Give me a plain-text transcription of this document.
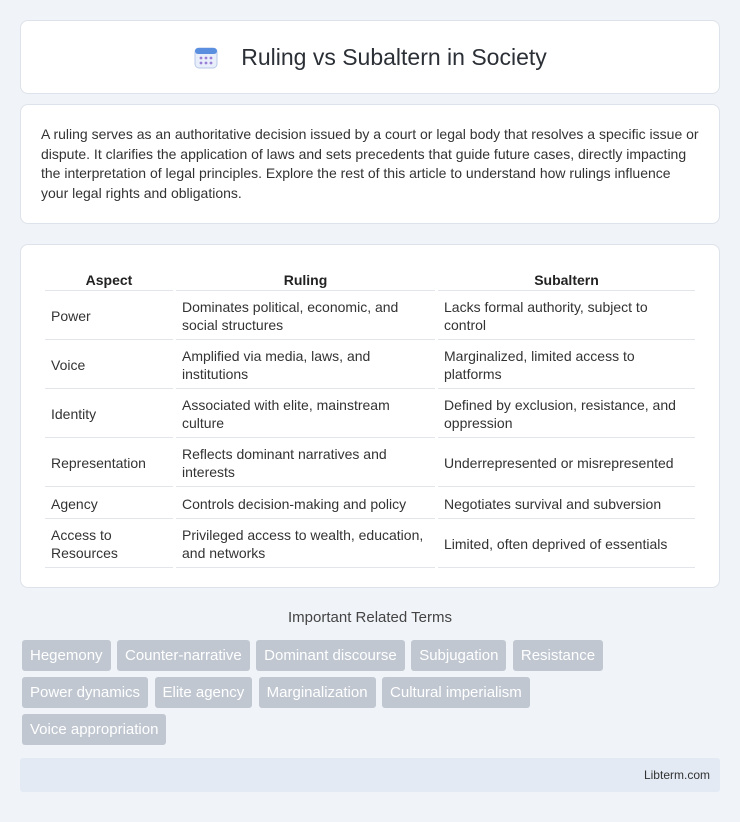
Ruling vs Subaltern in Society

A ruling serves as an authoritative decision issued by a court or legal body that resolves a specific issue or dispute. It clarifies the application of laws and sets precedents that guide future cases, directly impacting the interpretation of legal principles. Explore the rest of this article to understand how rulings influence your legal rights and obligations.

Aspect	Ruling	Subaltern
Power	Dominates political, economic, and social structures	Lacks formal authority, subject to control
Voice	Amplified via media, laws, and institutions	Marginalized, limited access to platforms
Identity	Associated with elite, mainstream culture	Defined by exclusion, resistance, and oppression
Representation	Reflects dominant narratives and interests	Underrepresented or misrepresented
Agency	Controls decision-making and policy	Negotiates survival and subversion
Access to Resources	Privileged access to wealth, education, and networks	Limited, often deprived of essentials
Important Related Terms
Hegemony Counter-narrative Dominant discourse Subjugation Resistance
Power dynamics Elite agency Marginalization Cultural imperialism
Voice appropriation
Libterm.com
